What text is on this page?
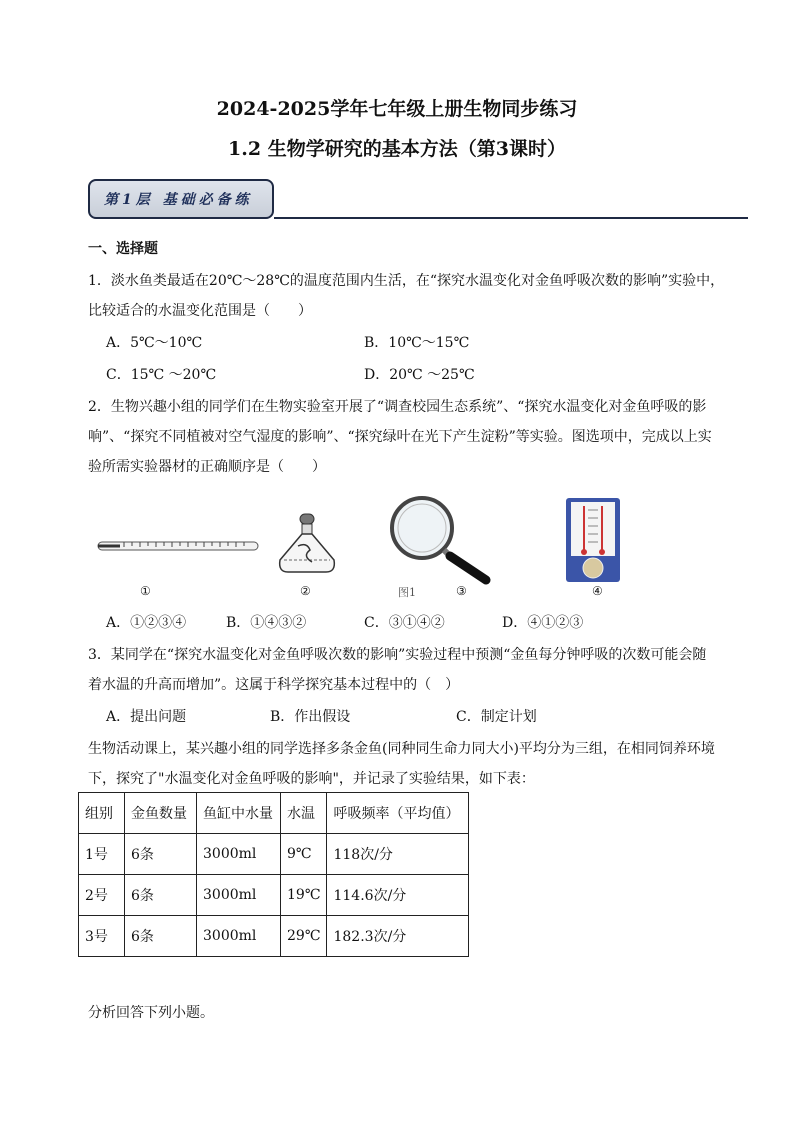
2024-2025学年七年级上册生物同步练习
1.2 生物学研究的基本方法（第3课时）
第1层 基础必备练
一、选择题
1．淡水鱼类最适在20℃～28℃的温度范围内生活，在“探究水温变化对金鱼呼吸次数的影响”实验中，
比较适合的水温变化范围是（　　）
A．5℃～10℃	B．10℃～15℃
C．15℃ ～20℃	D．20℃ ～25℃
2．生物兴趣小组的同学们在生物实验室开展了“调查校园生态系统”、“探究水温变化对金鱼呼吸的影
响”、“探究不同植被对空气湿度的影响”、“探究绿叶在光下产生淀粉”等实验。图选项中，完成以上实
验所需实验器材的正确顺序是（　　）
①	②	图1	③	④
A．①②③④	B．①④③②	C．③①④②	D．④①②③
3．某同学在“探究水温变化对金鱼呼吸次数的影响”实验过程中预测“金鱼每分钟呼吸的次数可能会随
着水温的升高而增加”。这属于科学探究基本过程中的（　）
A．提出问题	B．作出假设	C．制定计划
生物活动课上，某兴趣小组的同学选择多条金鱼(同种同生命力同大小)平均分为三组，在相同饲养环境
下，探究了"水温变化对金鱼呼吸的影响"，并记录了实验结果，如下表：
组别	金鱼数量	鱼缸中水量	水温	呼吸频率（平均值）
1号	6条	3000ml	9℃	118次/分
2号	6条	3000ml	19℃	114.6次/分
3号	6条	3000ml	29℃	182.3次/分
分析回答下列小题。
